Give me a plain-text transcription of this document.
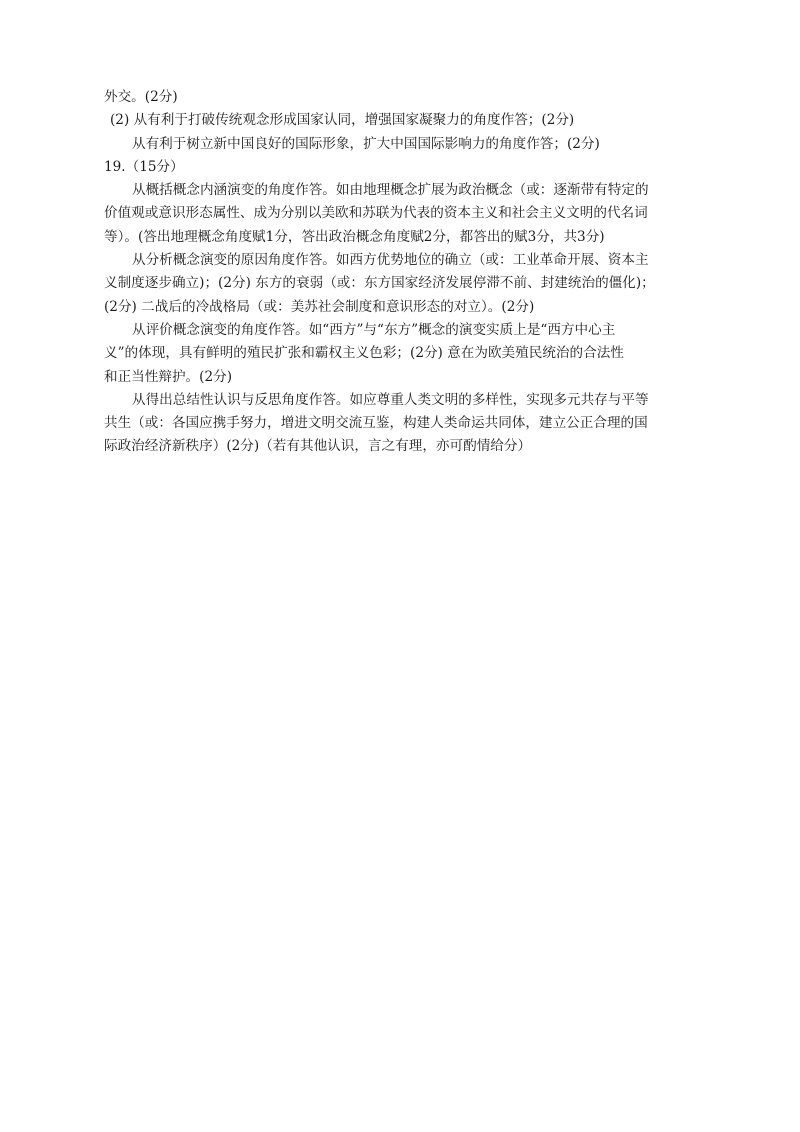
外交。(2分)
(2) 从有利于打破传统观念形成国家认同，增强国家凝聚力的角度作答；(2分)
从有利于树立新中国良好的国际形象，扩大中国国际影响力的角度作答；(2分)
19.（15分）
从概括概念内涵演变的角度作答。如由地理概念扩展为政治概念（或：逐渐带有特定的
价值观或意识形态属性、成为分别以美欧和苏联为代表的资本主义和社会主义文明的代名词
等）。(答出地理概念角度赋1分，答出政治概念角度赋2分，都答出的赋3分，共3分)
从分析概念演变的原因角度作答。如西方优势地位的确立（或：工业革命开展、资本主
义制度逐步确立)；(2分) 东方的衰弱（或：东方国家经济发展停滞不前、封建统治的僵化)；
(2分) 二战后的冷战格局（或：美苏社会制度和意识形态的对立）。(2分)
从评价概念演变的角度作答。如“西方”与“东方”概念的演变实质上是“西方中心主
义”的体现，具有鲜明的殖民扩张和霸权主义色彩；(2分) 意在为欧美殖民统治的合法性
和正当性辩护。(2分)
从得出总结性认识与反思角度作答。如应尊重人类文明的多样性，实现多元共存与平等
共生（或：各国应携手努力，增进文明交流互鉴，构建人类命运共同体，建立公正合理的国
际政治经济新秩序）(2分)（若有其他认识，言之有理，亦可酌情给分）
